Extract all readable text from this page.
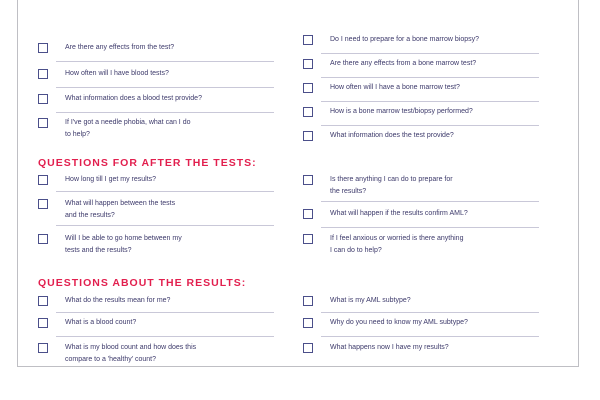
Are there any effects from the test?
How often will I have blood tests?
What information does a blood test provide?
If I've got a needle phobia, what can I do
to help?
Do I need to prepare for a bone marrow biopsy?
Are there any effects from a bone marrow test?
How often will I have a bone marrow test?
How is a bone marrow test/biopsy performed?
What information does the test provide?
QUESTIONS FOR AFTER THE TESTS:
How long till I get my results?
What will happen between the tests
and the results?
Will I be able to go home between my
tests and the results?
Is there anything I can do to prepare for
the results?
What will happen if the results confirm AML?
If I feel anxious or worried is there anything
I can do to help?
QUESTIONS ABOUT THE RESULTS:
What do the results mean for me?
What is a blood count?
What is my blood count and how does this
compare to a 'healthy' count?
What is my AML subtype?
Why do you need to know my AML subtype?
What happens now I have my results?
